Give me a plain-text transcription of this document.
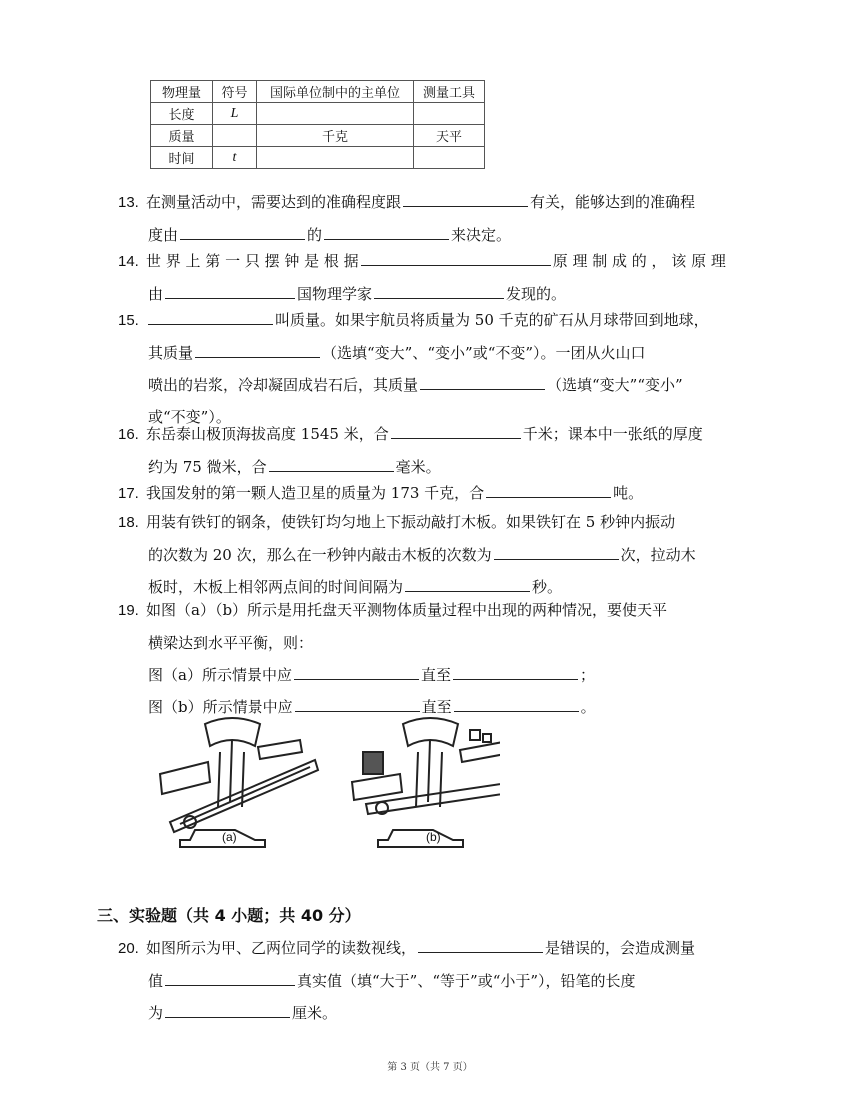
物理量	符号	国际单位制中的主单位	测量工具
长度	L		
质量		千克	天平
时间	t		
13. 在测量活动中，需要达到的准确程度跟	有关，能够达到的准确程
度由	的	来决定。
14. 世 界 上 第 一 只 摆 钟 是 根 据	原 理 制 成 的 ， 该 原 理
由	国物理学家	发现的。
15.	叫质量。如果宇航员将质量为 50 千克的矿石从月球带回到地球，
其质量	（选填“变大”、“变小”或“不变”）。一团从火山口
喷出的岩浆，冷却凝固成岩石后，其质量	（选填“变大”“变小”
或“不变”）。
16. 东岳泰山极顶海拔高度 1545 米，合	千米；课本中一张纸的厚度
约为 75 微米，合	毫米。
17. 我国发射的第一颗人造卫星的质量为 173 千克，合	吨。
18. 用装有铁钉的钢条，使铁钉均匀地上下振动敲打木板。如果铁钉在 5 秒钟内振动
的次数为 20 次，那么在一秒钟内敲击木板的次数为	次，拉动木
板时，木板上相邻两点间的时间间隔为	秒。
19. 如图（a）（b）所示是用托盘天平测物体质量过程中出现的两种情况，要使天平
横梁达到水平平衡，则：
图（a）所示情景中应	直至	；
图（b）所示情景中应	直至	。
(a)	(b)
三、实验题（共 4 小题；共 40 分）
20. 如图所示为甲、乙两位同学的读数视线，	是错误的，会造成测量
值	真实值（填“大于”、“等于”或“小于”），铅笔的长度
为	厘米。
第 3 页（共 7 页）
